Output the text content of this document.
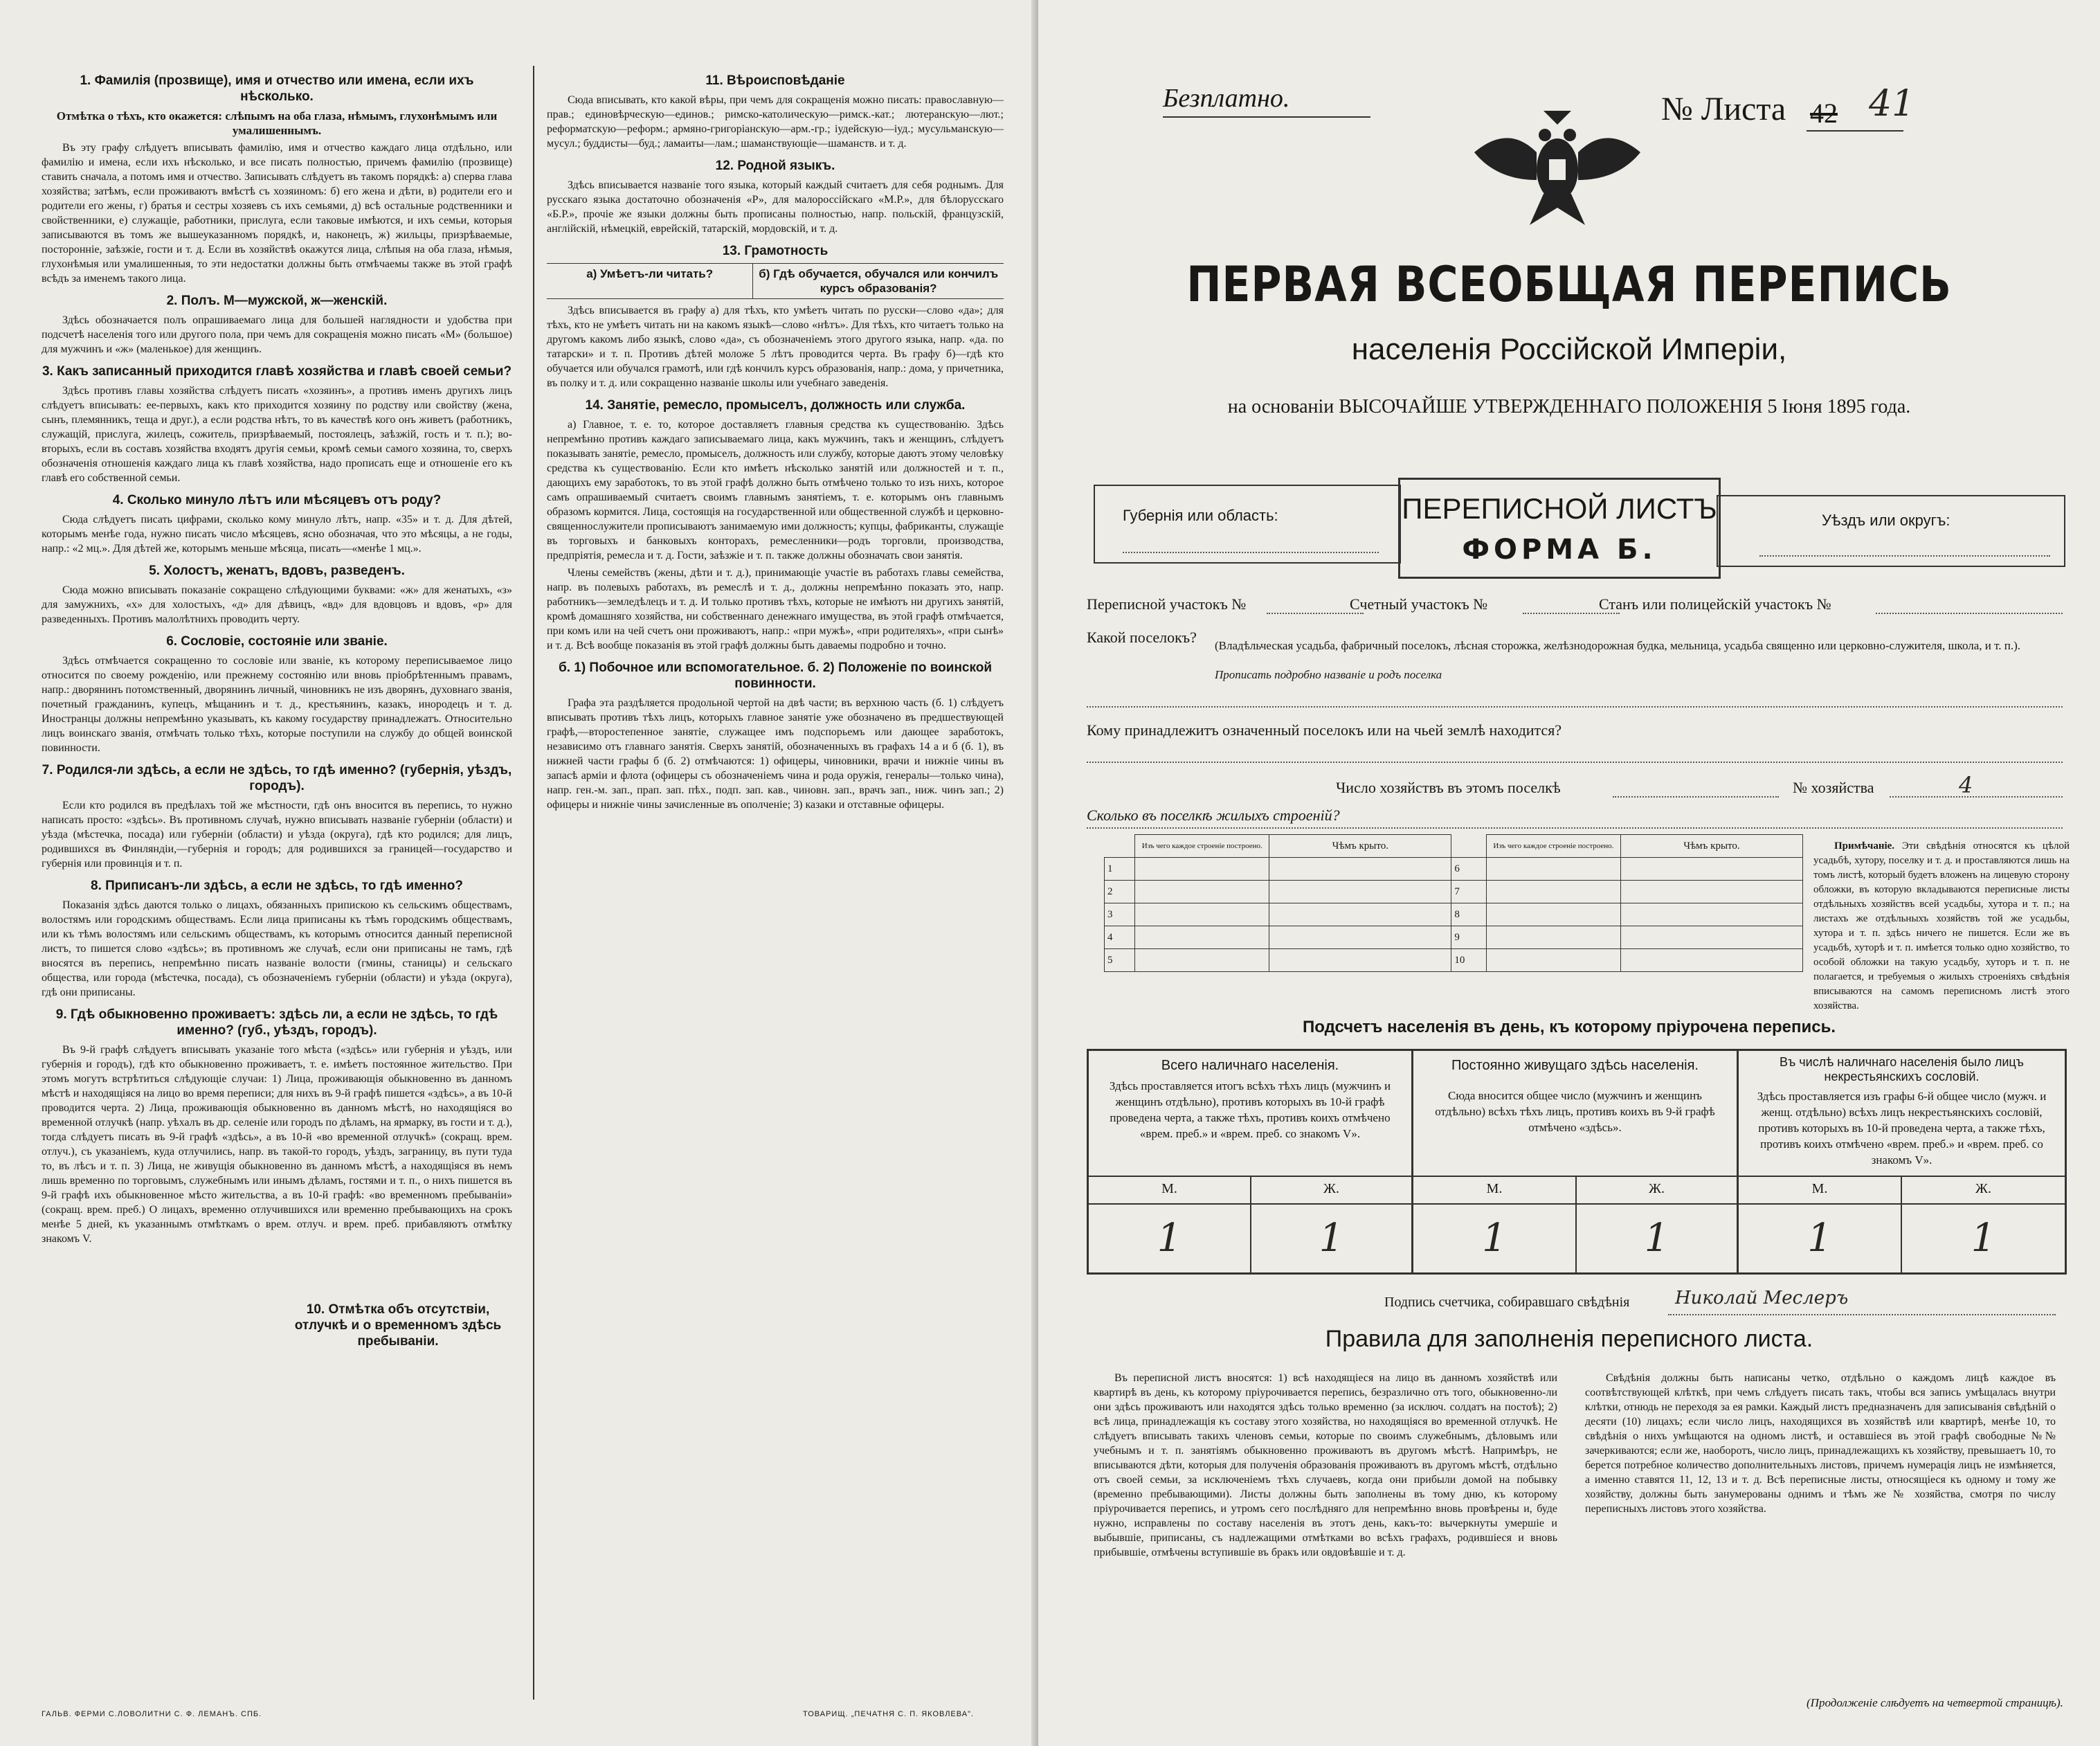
1. Фамилія (прозвище), имя и отчество или имена, если ихъ нѣсколько.

Отмѣтка о тѣхъ, кто окажется: слѣпымъ на оба глаза, нѣмымъ, глухонѣмымъ или умалишеннымъ.

Въ эту графу слѣдуетъ вписывать фамилію, имя и отчество каждаго лица отдѣльно, или фамилію и имена, если ихъ нѣсколько, и все писать полностью, причемъ фамилію (прозвище) ставить сначала, а потомъ имя и отчество. Записывать слѣдуетъ въ такомъ порядкѣ: а) сперва глава хозяйства; затѣмъ, если проживаютъ вмѣстѣ съ хозяиномъ: б) его жена и дѣти, в) родители его и родители его жены, г) братья и сестры хозяевъ съ ихъ семьями, д) всѣ остальные родственники и свойственники, е) служащіе, работники, прислуга, если таковые имѣются, и ихъ семьи, которыя записываются въ томъ же вышеуказанномъ порядкѣ, и, наконецъ, ж) жильцы, призрѣваемые, посторонніе, заѣзжіе, гости и т. д. Если въ хозяйствѣ окажутся лица, слѣпыя на оба глаза, нѣмыя, глухонѣмыя или умалишенныя, то эти недостатки должны быть отмѣчаемы также въ этой графѣ всѣдъ за именемъ такого лица.

2. Полъ. М—мужской, ж—женскій.

Здѣсь обозначается полъ опрашиваемаго лица для большей наглядности и удобства при подсчетѣ населенія того или другого пола, при чемъ для сокращенія можно писать «М» (большое) для мужчинъ и «ж» (маленькое) для женщинъ.

3. Какъ записанный приходится главѣ хозяйства и главѣ своей семьи?

Здѣсь противъ главы хозяйства слѣдуетъ писать «хозяинъ», а противъ именъ другихъ лицъ слѣдуетъ вписывать: ее-первыхъ, какъ кто приходится хозяину по родству или свойству (жена, сынъ, племянникъ, теща и друг.), а если родства нѣтъ, то въ качествѣ кого онъ живетъ (работникъ, служащій, прислуга, жилецъ, сожитель, призрѣваемый, постоялецъ, заѣзжій, гость и т. п.); во-вторыхъ, если въ составъ хозяйства входятъ другія семьи, кромѣ семьи самого хозяина, то, сверхъ обозначенія отношенія каждаго лица къ главѣ хозяйства, надо прописать еще и отношеніе его къ главѣ его собственной семьи.

4. Сколько минуло лѣтъ или мѣсяцевъ отъ роду?

Сюда слѣдуетъ писать цифрами, сколько кому минуло лѣтъ, напр. «35» и т. д. Для дѣтей, которымъ менѣе года, нужно писать число мѣсяцевъ, ясно обозначая, что это мѣсяцы, а не годы, напр.: «2 мц.». Для дѣтей же, которымъ меньше мѣсяца, писать—«менѣе 1 мц.».

5. Холостъ, женатъ, вдовъ, разведенъ.

Сюда можно вписывать показаніе сокращено слѣдующими буквами: «ж» для женатыхъ, «з» для замужнихъ, «х» для холостыхъ, «д» для дѣвицъ, «вд» для вдовцовъ и вдовъ, «р» для разведенныхъ. Противъ малолѣтнихъ проводить черту.

6. Сословіе, состояніе или званіе.

Здѣсь отмѣчается сокращенно то сословіе или званіе, къ которому переписываемое лицо относится по своему рожденію, или прежнему состоянію или вновь пріобрѣтеннымъ правамъ, напр.: дворянинъ потомственный, дворянинъ личный, чиновникъ не изъ дворянъ, духовнаго званія, почетный гражданинъ, купецъ, мѣщанинъ и т. д., крестьянинъ, казакъ, инородецъ и т. д. Иностранцы должны непремѣнно указывать, къ какому государству принадлежатъ. Относительно лицъ воинскаго званія, отмѣчать только тѣхъ, которые поступили на службу до общей воинской повинности.

7. Родился-ли здѣсь, а если не здѣсь, то гдѣ именно? (губернія, уѣздъ, городъ).

Если кто родился въ предѣлахъ той же мѣстности, гдѣ онъ вносится въ перепись, то нужно написать просто: «здѣсь». Въ противномъ случаѣ, нужно вписывать названіе губерніи (области) и уѣзда (мѣстечка, посада) или губерніи (области) и уѣзда (округа), гдѣ кто родился; для лицъ, родившихся въ Финляндіи,—губернія и городъ; для родившихся за границей—государство и губернія или провинція и т. п.

8. Приписанъ-ли здѣсь, а если не здѣсь, то гдѣ именно?

Показанія здѣсь даются только о лицахъ, обязанныхъ припискою къ сельскимъ обществамъ, волостямъ или городскимъ обществамъ. Если лица приписаны къ тѣмъ городскимъ обществамъ, или къ тѣмъ волостямъ или сельскимъ обществамъ, къ которымъ относится данный переписной листъ, то пишется слово «здѣсь»; въ противномъ же случаѣ, если они приписаны не тамъ, гдѣ вносятся въ перепись, непремѣнно писать названіе волости (гмины, станицы) и сельскаго общества, или города (мѣстечка, посада), съ обозначеніемъ губерніи (области) и уѣзда (округа), гдѣ они приписаны.

9. Гдѣ обыкновенно проживаетъ: здѣсь ли, а если не здѣсь, то гдѣ именно? (губ., уѣздъ, городъ).

Въ 9-й графѣ слѣдуетъ вписывать указаніе того мѣста («здѣсь» или губернія и уѣздъ, или губернія и городъ), гдѣ кто обыкновенно проживаетъ, т. е. имѣетъ постоянное жительство. При этомъ могутъ встрѣтиться слѣдующіе случаи: 1) Лица, проживающія обыкновенно въ данномъ мѣстѣ и находящіяся на лицо во время переписи; для нихъ въ 9-й графѣ пишется «здѣсь», а въ 10-й проводится черта. 2) Лица, проживающія обыкновенно въ данномъ мѣстѣ, но находящіяся во временной отлучкѣ (напр. уѣхалъ въ др. селеніе или городъ по дѣламъ, на ярмарку, въ гости и т. д.), тогда слѣдуетъ писать въ 9-й графѣ «здѣсь», а въ 10-й «во временной отлучкѣ» (сокращ. врем. отлуч.), съ указаніемъ, куда отлучились, напр. въ такой-то городъ, уѣздъ, заграницу, въ пути туда то, въ лѣсъ и т. п. 3) Лица, не живущія обыкновенно въ данномъ мѣстѣ, а находящіяся въ немъ лишь временно по торговымъ, служебнымъ или инымъ дѣламъ, гостями и т. п., о нихъ пишется въ 9-й графѣ ихъ обыкновенное мѣсто жительства, а въ 10-й графѣ: «во временномъ пребываніи» (сокращ. врем. преб.) О лицахъ, временно отлучившихся или временно пребывающихъ на срокъ менѣе 5 дней, къ указаннымъ отмѣткамъ о врем. отлуч. и врем. преб. прибавляютъ отмѣтку знакомъ V.

10. Отмѣтка объ отсутствіи, отлучкѣ и о временномъ здѣсь пребываніи.
11. Вѣроисповѣданіе

Сюда вписывать, кто какой вѣры, при чемъ для сокращенія можно писать: православную—прав.; единовѣрческую—единов.; римско-католическую—римск.-кат.; лютеранскую—лют.; реформатскую—реформ.; армяно-григоріанскую—арм.-гр.; іудейскую—іуд.; мусульманскую—мусул.; буддисты—буд.; ламаиты—лам.; шаманствующіе—шаманств. и т. д.

12. Родной языкъ.

Здѣсь вписывается названіе того языка, который каждый считаетъ для себя роднымъ. Для русскаго языка достаточно обозначенія «Р», для малороссійскаго «М.Р.», для бѣлорусскаго «Б.Р.», прочіе же языки должны быть прописаны полностью, напр. польскій, французскій, англійскій, нѣмецкій, еврейскій, татарскій, мордовскій, и т. д.

13. Грамотность
а) Умѣетъ-ли читать?	б) Гдѣ обучается, обучался или кончилъ курсъ образованія?

Здѣсь вписывается въ графу а) для тѣхъ, кто умѣетъ читать по русски—слово «да»; для тѣхъ, кто не умѣетъ читать ни на какомъ языкѣ—слово «нѣтъ». Для тѣхъ, кто читаетъ только на другомъ какомъ либо языкѣ, слово «да», съ обозначеніемъ этого другого языка, напр. «да. по татарски» и т. п. Противъ дѣтей моложе 5 лѣтъ проводится черта. Въ графу б)—гдѣ кто обучается или обучался грамотѣ, или гдѣ кончилъ курсъ образованія, напр.: дома, у причетника, въ полку и т. д. или сокращенно названіе школы или учебнаго заведенія.

14. Занятіе, ремесло, промыселъ, должность или служба.

а) Главное, т. е. то, которое доставляетъ главныя средства къ существованію. Здѣсь непремѣнно противъ каждаго записываемаго лица, какъ мужчинъ, такъ и женщинъ, слѣдуетъ показывать занятіе, ремесло, промыселъ, должность или службу, которые даютъ этому человѣку средства къ существованію. Если кто имѣетъ нѣсколько занятій или должностей и т. п., дающихъ ему заработокъ, то въ этой графѣ должно быть отмѣчено только то изъ нихъ, которое самъ опрашиваемый считаетъ своимъ главнымъ занятіемъ, т. е. которымъ онъ главнымъ образомъ кормится. Лица, состоящія на государственной или общественной службѣ и церковно-священнослужители прописываютъ занимаемую ими должность; купцы, фабриканты, служащіе въ торговыхъ и банковыхъ конторахъ, ремесленники—родъ торговли, производства, предпріятія, ремесла и т. д. Гости, заѣзжіе и т. п. также должны обозначать свои занятія.

Члены семействъ (жены, дѣти и т. д.), принимающіе участіе въ работахъ главы семейства, напр. въ полевыхъ работахъ, въ ремеслѣ и т. д., должны непремѣнно показать это, напр. работникъ—земледѣлецъ и т. д. И только противъ тѣхъ, которые не имѣютъ ни другихъ занятій, кромѣ домашняго хозяйства, ни собственнаго денежнаго имущества, въ этой графѣ отмѣчается, при комъ или на чей счетъ они проживаютъ, напр.: «при мужѣ», «при родителяхъ», «при сынѣ» и т. д. Всѣ вообще показанія въ этой графѣ должны быть даваемы подробно и точно.

б. 1) Побочное или вспомогательное. б. 2) Положеніе по воинской повинности.

Графа эта раздѣляется продольной чертой на двѣ части; въ верхнюю часть (б. 1) слѣдуетъ вписывать противъ тѣхъ лицъ, которыхъ главное занятіе уже обозначено въ предшествующей графѣ,—второстепенное занятіе, служащее имъ подспорьемъ или дающее заработокъ, независимо отъ главнаго занятія. Сверхъ занятій, обозначенныхъ въ графахъ 14 а и б (б. 1), въ нижней части графы б (б. 2) отмѣчаются: 1) офицеры, чиновники, врачи и нижніе чины въ запасѣ армiи и флота (офицеры съ обозначеніемъ чина и рода оружія, генералы—только чина), напр. ген.-м. зап., прап. зап. пѣх., подп. зап. кав., чиновн. зап., врачъ зап., ниж. чинъ зап.; 2) офицеры и нижніе чины зачисленные въ ополченіе; 3) казаки и отставные офицеры.

ГАЛЬВ. ФЕРМИ С.ЛОВОЛИТНИ С. Ф. ЛЕМАНЪ. СПБ.	ТОВАРИЩ. „ПЕЧАТНЯ С. П. ЯКОВЛЕВА".
Безплатно.	№ Листа 42 41
ПЕРВАЯ ВСЕОБЩАЯ ПЕРЕПИСЬ
населенія Россійской Имперіи,
на основаніи ВЫСОЧАЙШЕ УТВЕРЖДЕННАГО ПОЛОЖЕНІЯ 5 Іюня 1895 года.
Губернія или область:	ПЕРЕПИСНОЙ ЛИСТЪ
ФОРМА Б.
Уѣздъ или округъ:
Переписной участокъ №	Счетный участокъ №	Станъ или полицейскій участокъ №
Какой поселокъ? (Владѣльческая усадьба, фабричный поселокъ, лѣсная сторожка, желѣзнодорожная будка, мельница, усадьба священно или церковно-служителя, школа, и т. п.). Прописать подробно названіе и родъ поселка
Кому принадлежитъ означенный поселокъ или на чьей землѣ находится?
Число хозяйствъ въ этомъ поселкѣ	№ хозяйства	4
Сколько въ поселкѣ жилыхъ строеній?
	Изъ чего каждое строеніе построено.	Чѣмъ крыто.		Изъ чего каждое строеніе построено.	Чѣмъ крыто.
1			6		
2			7		
3			8		
4			9		
5			10		
Примѣчаніе. Эти свѣдѣнія относятся къ цѣлой усадьбѣ, хутору, поселку и т. д. и проставляются лишь на томъ листѣ, который будетъ вложенъ на лицевую сторону обложки, въ которую вкладываются переписные листы отдѣльныхъ хозяйствъ всей усадьбы, хутора и т. п.; на листахъ же отдѣльныхъ хозяйствъ той же усадьбы, хутора и т. п. здѣсь ничего не пишется. Если же въ усадьбѣ, хуторѣ и т. п. имѣется только одно хозяйство, то особой обложки на такую усадьбу, хуторъ и т. п. не полагается, и требуемыя о жилыхъ строеніяхъ свѣдѣнія вписываются на самомъ переписномъ листѣ этого хозяйства.
Подсчетъ населенія въ день, къ которому пріурочена перепись.
Всего наличнаго населенія.
Здѣсь проставляется итогъ всѣхъ тѣхъ лицъ (мужчинъ и женщинъ отдѣльно), противъ которыхъ въ 10-й графѣ проведена черта, а также тѣхъ, противъ коихъ отмѣчено «врем. преб.» и «врем. преб. со знакомъ V».
Постоянно живущаго здѣсь населенія.
Сюда вносится общее число (мужчинъ и женщинъ отдѣльно) всѣхъ тѣхъ лицъ, противъ коихъ въ 9-й графѣ отмѣчено «здѣсь».
Въ числѣ наличнаго населенія было лицъ некрестьянскихъ сословій.
Здѣсь проставляется изъ графы 6-й общее число (мужч. и женщ. отдѣльно) всѣхъ лицъ некрестьянскихъ сословій, противъ которыхъ въ 10-й проведена черта, а также тѣхъ, противъ коихъ отмѣчено «врем. преб.» и «врем. преб. со знакомъ V».
М.	Ж.	М.	Ж.	М.	Ж.
1	1	1	1	1	1
Подпись счетчика, собиравшаго свѣдѣнія	Николай Меслеръ
Правила для заполненія переписного листа.
Въ переписной листъ вносятся: 1) всѣ находящіеся на лицо въ данномъ хозяйствѣ или квартирѣ въ день, къ которому пріурочивается перепись, безразлично отъ того, обыкновенно-ли они здѣсь проживаютъ или находятся здѣсь только временно (за исключ. солдатъ на постоѣ); 2) всѣ лица, принадлежащія къ составу этого хозяйства, но находящіяся во временной отлучкѣ. Не слѣдуетъ вписывать такихъ членовъ семьи, которые по своимъ служебнымъ, дѣловымъ или учебнымъ и т. п. занятіямъ обыкновенно проживаютъ въ другомъ мѣстѣ. Напримѣръ, не вписываются дѣти, которыя для полученія образованія проживаютъ въ другомъ мѣстѣ, отдѣльно отъ своей семьи, за исключеніемъ тѣхъ случаевъ, когда они прибыли домой на побывку (временно пребывающими). Листы должны быть заполнены въ тому дню, къ которому пріурочивается перепись, и утромъ сего послѣдняго для непремѣнно вновь провѣрены и, буде нужно, исправлены по составу населенія въ этотъ день, какъ-то: вычеркнуты умершіе и выбывшіе, приписаны, съ надлежащими отмѣтками во всѣхъ графахъ, родившіеся и вновь прибывшіе, отмѣчены вступившіе въ бракъ или овдовѣвшіе и т. д.
Свѣдѣнія должны быть написаны четко, отдѣльно о каждомъ лицѣ каждое въ соотвѣтствующей клѣткѣ, при чемъ слѣдуетъ писать такъ, чтобы вся запись умѣщалась внутри клѣтки, отнюдь не переходя за ея рамки. Каждый листъ предназначенъ для записыванія свѣдѣній о десяти (10) лицахъ; если число лицъ, находящихся въ хозяйствѣ или квартирѣ, менѣе 10, то свѣдѣнія о нихъ умѣщаются на одномъ листѣ, и оставшіеся въ этой графѣ свободные №№ зачеркиваются; если же, наоборотъ, число лицъ, принадлежащихъ къ хозяйству, превышаетъ 10, то берется потребное количество дополнительныхъ листовъ, причемъ нумерація лицъ не измѣняется, а именно ставятся 11, 12, 13 и т. д. Всѣ переписные листы, относящіеся къ одному и тому же хозяйству, должны быть занумерованы однимъ и тѣмъ же № хозяйства, смотря по числу переписныхъ листовъ этого хозяйства.
(Продолженіе слѣдуетъ на четвертой страницѣ).
